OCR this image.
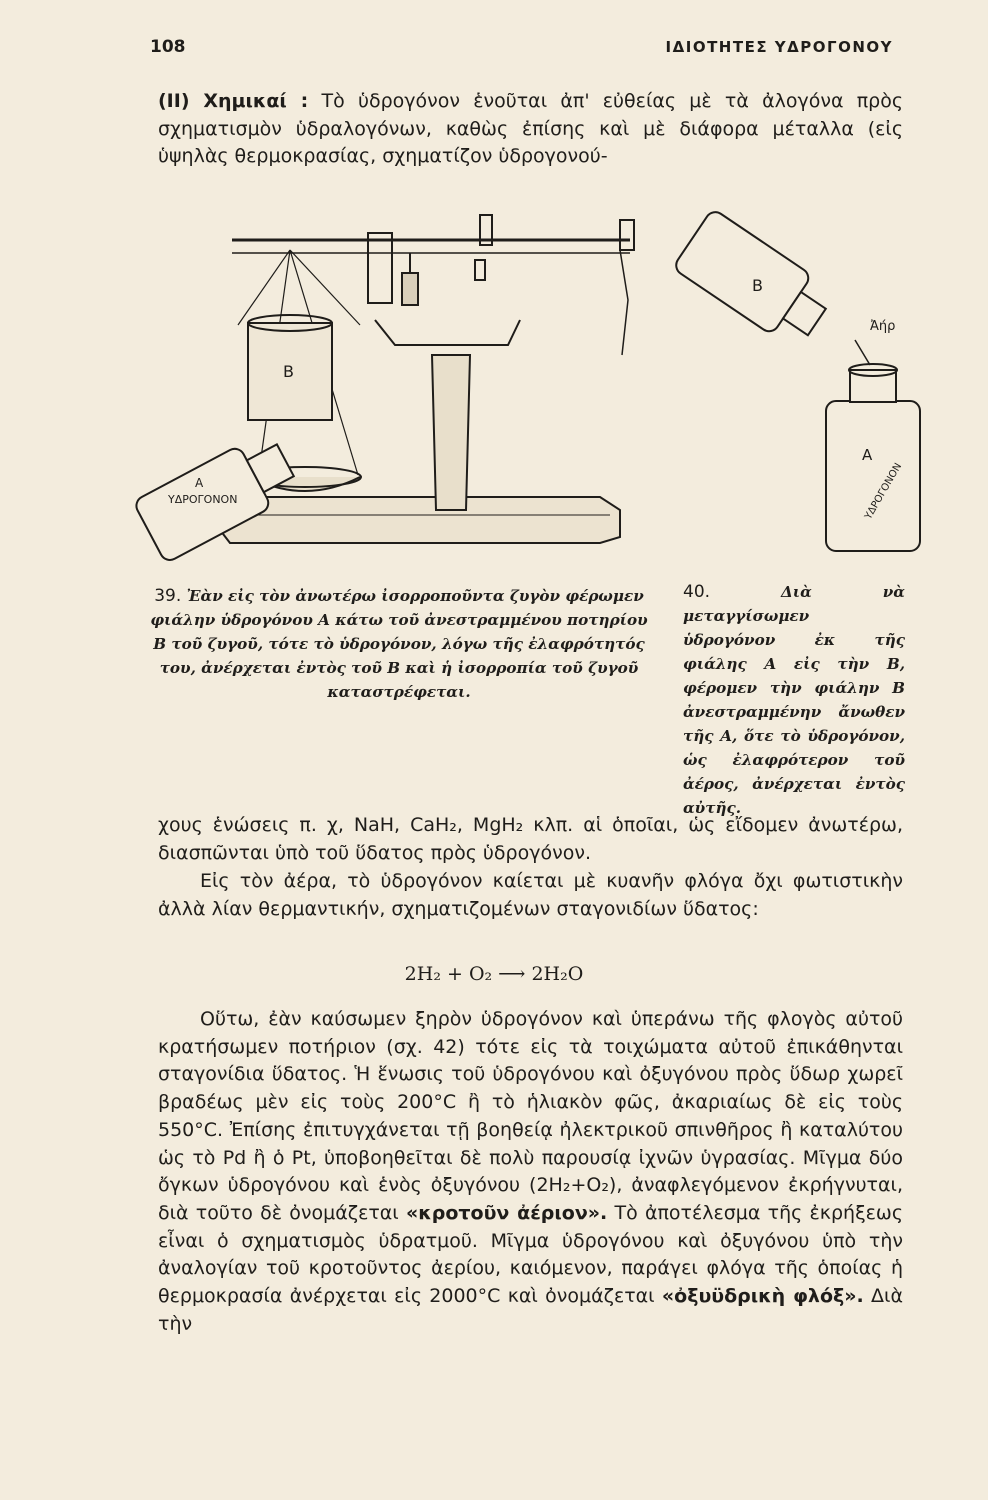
108	ΙΔΙΟΤΗΤΕΣ ΥΔΡΟΓΟΝΟΥ

(II) Χημικαί : Τὸ ὑδρογόνον ἑνοῦται ἀπ' εὐθείας μὲ τὰ ἀλογόνα πρὸς σχηματισμὸν ὑδραλογόνων, καθὼς ἐπίσης καὶ μὲ διάφορα μέταλλα (εἰς ὑψηλὰς θερμοκρασίας, σχηματίζον ὑδρογονού-

Β
Α
ΥΔΡΟΓΟΝΟΝ
Β
Ἀήρ
Α
ΥΔΡΟΓΟΝΟΝ

39. Ἐὰν εἰς τὸν ἀνωτέρω ἰσορροποῦντα ζυγὸν φέρωμεν φιάλην ὑδρογόνου Α κάτω τοῦ ἀνεστραμμένου ποτηρίου Β τοῦ ζυγοῦ, τότε τὸ ὑδρογόνον, λόγω τῆς ἐλαφρότητός του, ἀνέρχεται ἐντὸς τοῦ Β καὶ ἡ ἰσορροπία τοῦ ζυγοῦ καταστρέφεται.

40.	Διὰ νὰ μεταγγίσωμεν ὑδρογόνον ἐκ τῆς φιάλης Α εἰς τὴν Β, φέρομεν τὴν φιάλην Β ἀνεστραμμένην ἄνωθεν τῆς Α, ὅτε τὸ ὑδρογόνον, ὡς ἐλαφρότερον τοῦ ἀέρος, ἀνέρχεται ἐντὸς αὐτῆς.

χους ἑνώσεις π. χ, NaH, CaH₂, MgH₂ κλπ. αἱ ὁποῖαι, ὡς εἴδομεν ἀνωτέρω, διασπῶνται ὑπὸ τοῦ ὕδατος πρὸς ὑδρογόνον.

Εἰς τὸν ἀέρα, τὸ ὑδρογόνον καίεται μὲ κυανῆν φλόγα ὄχι φωτιστικὴν ἀλλὰ λίαν θερμαντικήν, σχηματιζομένων σταγονιδίων ὕδατος:

2H₂ + O₂ ⟶ 2H₂O

Οὕτω, ἐὰν καύσωμεν ξηρὸν ὑδρογόνον καὶ ὑπεράνω τῆς φλογὸς αὐτοῦ κρατήσωμεν ποτήριον (σχ. 42) τότε εἰς τὰ τοιχώματα αὐτοῦ ἐπικάθηνται σταγονίδια ὕδατος. Ἡ ἕνωσις τοῦ ὑδρογόνου καὶ ὀξυγόνου πρὸς ὕδωρ χωρεῖ βραδέως μὲν εἰς τοὺς 200°C ἢ τὸ ἡλιακὸν φῶς, ἀκαριαίως δὲ εἰς τοὺς 550°C. Ἐπίσης ἐπιτυγχάνεται τῇ βοηθείᾳ ἠλεκτρικοῦ σπινθῆρος ἢ καταλύτου ὡς τὸ Pd ἢ ὁ Pt, ὑποβοηθεῖται δὲ πολὺ παρουσίᾳ ἰχνῶν ὑγρασίας. Μῖγμα δύο ὄγκων ὑδρογόνου καὶ ἑνὸς ὀξυγόνου (2H₂+O₂), ἀναφλεγόμενον ἐκρήγνυται, διὰ τοῦτο δὲ ὀνομάζεται «κροτοῦν ἀέριον». Τὸ ἀποτέλεσμα τῆς ἐκρήξεως εἶναι ὁ σχηματισμὸς ὑδρατμοῦ. Μῖγμα ὑδρογόνου καὶ ὀξυγόνου ὑπὸ τὴν ἀναλογίαν τοῦ κροτοῦντος ἀερίου, καιόμενον, παράγει φλόγα τῆς ὁποίας ἡ θερμοκρασία ἀνέρχεται εἰς 2000°C καὶ ὀνομάζεται «ὀξυϋδρικὴ φλόξ». Διὰ τὴν
